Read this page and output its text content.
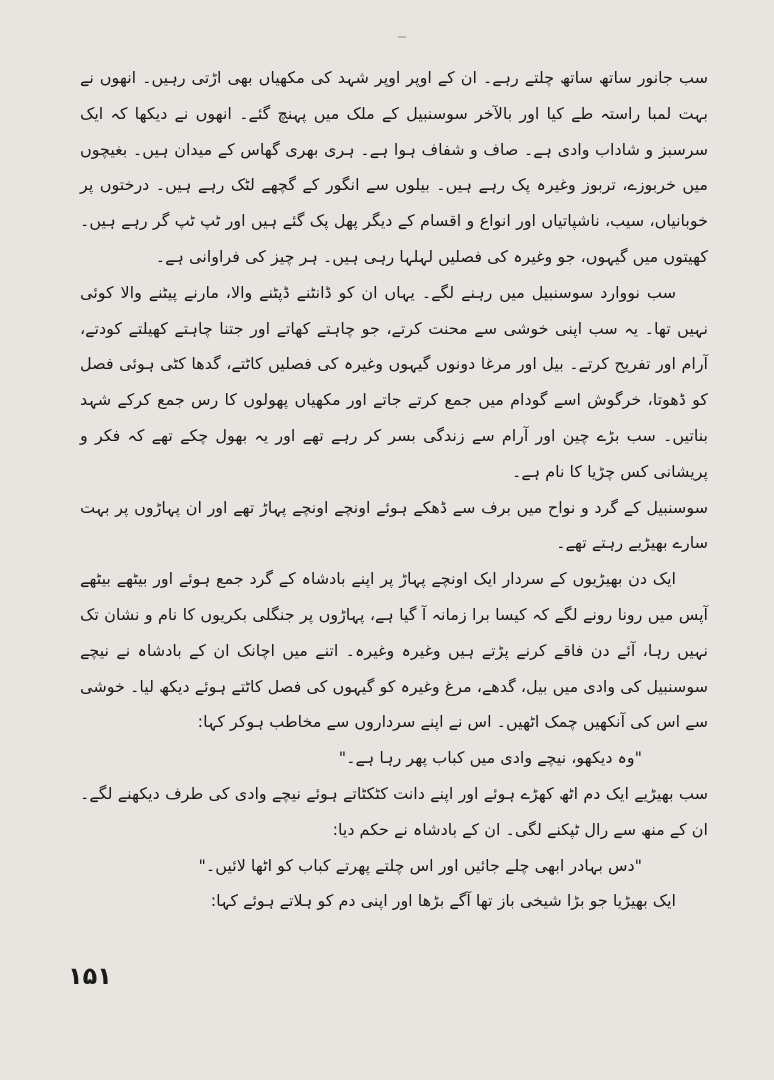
سب جانور ساتھ ساتھ چلتے رہے۔ ان کے اوپر اوپر شہد کی مکھیاں بھی اڑتی رہیں۔ انھوں نے بہت لمبا راستہ طے کیا اور بالآخر سوسنبیل کے ملک میں پہنچ گئے۔ انھوں نے دیکھا کہ ایک سرسبز و شاداب وادی ہے۔ صاف و شفاف ہوا ہے۔ ہری بھری گھاس کے میدان ہیں۔ بغیچوں میں خربوزے، تربوز وغیرہ پک رہے ہیں۔ بیلوں سے انگور کے گچھے لٹک رہے ہیں۔ درختوں پر خوبانیاں، سیب، ناشپاتیاں اور انواع و اقسام کے دیگر پھل پک گئے ہیں اور ٹپ ٹپ گر رہے ہیں۔ کھیتوں میں گیہوں، جو وغیرہ کی فصلیں لہلہا رہی ہیں۔ ہر چیز کی فراوانی ہے۔

سب نووارد سوسنبیل میں رہنے لگے۔ یہاں ان کو ڈانٹنے ڈپٹنے والا، مارنے پیٹنے والا کوئی نہیں تھا۔ یہ سب اپنی خوشی سے محنت کرتے، جو چاہتے کھاتے اور جتنا چاہتے کھیلتے کودتے، آرام اور تفریح کرتے۔ بیل اور مرغا دونوں گیہوں وغیرہ کی فصلیں کاٹتے، گدھا کٹی ہوئی فصل کو ڈھوتا، خرگوش اسے گودام میں جمع کرتے جاتے اور مکھیاں پھولوں کا رس جمع کرکے شہد بناتیں۔ سب بڑے چین اور آرام سے زندگی بسر کر رہے تھے اور یہ بھول چکے تھے کہ فکر و پریشانی کس چڑیا کا نام ہے۔

سوسنبیل کے گرد و نواح میں برف سے ڈھکے ہوئے اونچے اونچے پہاڑ تھے اور ان پہاڑوں پر بہت سارے بھیڑیے رہتے تھے۔

ایک دن بھیڑیوں کے سردار ایک اونچے پہاڑ پر اپنے بادشاہ کے گرد جمع ہوئے اور بیٹھے بیٹھے آپس میں رونا رونے لگے کہ کیسا برا زمانہ آ گیا ہے، پہاڑوں پر جنگلی بکریوں کا نام و نشان تک نہیں رہا، آئے دن فاقے کرنے پڑتے ہیں وغیرہ وغیرہ۔ اتنے میں اچانک ان کے بادشاہ نے نیچے سوسنبیل کی وادی میں بیل، گدھے، مرغ وغیرہ کو گیہوں کی فصل کاٹتے ہوئے دیکھ لیا۔ خوشی سے اس کی آنکھیں چمک اٹھیں۔ اس نے اپنے سرداروں سے مخاطب ہوکر کہا:

"وہ دیکھو، نیچے وادی میں کباب پھر رہا ہے۔"

سب بھیڑیے ایک دم اٹھ کھڑے ہوئے اور اپنے دانت کٹکٹاتے ہوئے نیچے وادی کی طرف دیکھنے لگے۔ ان کے منھ سے رال ٹپکنے لگی۔ ان کے بادشاہ نے حکم دیا:

"دس بہادر ابھی چلے جائیں اور اس چلتے پھرتے کباب کو اٹھا لائیں۔"

ایک بھیڑیا جو بڑا شیخی باز تھا آگے بڑھا اور اپنی دم کو ہلاتے ہوئے کہا:

۱۵۱
